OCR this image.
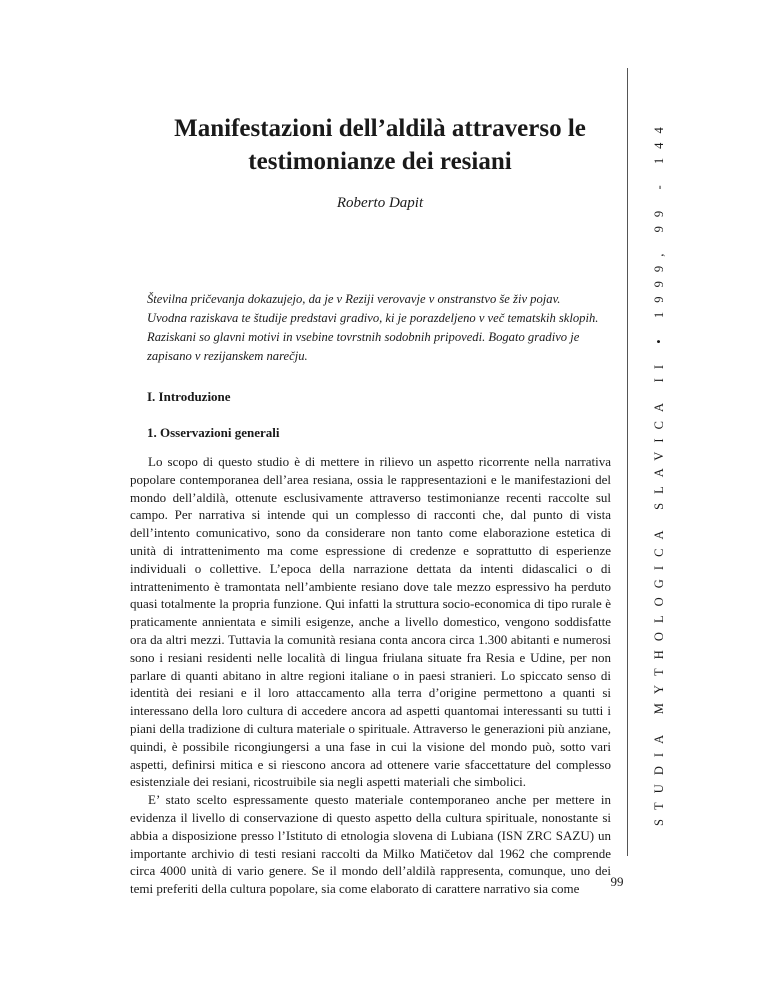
Manifestazioni dell’aldilà attraverso le
testimonianze dei resiani
Roberto Dapit

Številna pričevanja dokazujejo, da je v Reziji verovavje v onstranstvo še živ pojav. Uvodna raziskava te študije predstavi gradivo, ki je porazdeljeno v več tematskih sklopih. Raziskani so glavni motivi in vsebine tovrstnih sodobnih pripovedi. Bogato gradivo je zapisano v rezijanskem narečju.

I. Introduzione
1. Osservazioni generali

Lo scopo di questo studio è di mettere in rilievo un aspetto ricorrente nella narrativa popolare contemporanea dell’area resiana, ossia le rappresentazioni e le manifestazioni del mondo dell’aldilà, ottenute esclusivamente attraverso testimonianze recenti raccolte sul campo. Per narrativa si intende qui un complesso di racconti che, dal punto di vista dell’intento comunicativo, sono da considerare non tanto come elaborazione estetica di unità di intrattenimento ma come espressione di credenze e soprattutto di esperienze individuali o collettive. L’epoca della narrazione dettata da intenti didascalici o di intrattenimento è tramontata nell’ambiente resiano dove tale mezzo espressivo ha perduto quasi totalmente la propria funzione. Qui infatti la struttura socio-economica di tipo rurale è praticamente annientata e simili esigenze, anche a livello domestico, vengono soddisfatte ora da altri mezzi. Tuttavia la comunità resiana conta ancora circa 1.300 abitanti e numerosi sono i resiani residenti nelle località di lingua friulana situate fra Resia e Udine, per non parlare di quanti abitano in altre regioni italiane o in paesi stranieri. Lo spiccato senso di identità dei resiani e il loro attaccamento alla terra d’origine permettono a quanti si interessano della loro cultura di accedere ancora ad aspetti quantomai interessanti su tutti i piani della tradizione di cultura materiale o spirituale. Attraverso le generazioni più anziane, quindi, è possibile ricongiungersi a una fase in cui la visione del mondo può, sotto vari aspetti, definirsi mitica e si riescono ancora ad ottenere varie sfaccettature del complesso esistenziale dei resiani, ricostruibile sia negli aspetti materiali che simbolici.

E’ stato scelto espressamente questo materiale contemporaneo anche per mettere in evidenza il livello di conservazione di questo aspetto della cultura spirituale, nonostante si abbia a disposizione presso l’Istituto di etnologia slovena di Lubiana (ISN ZRC SAZU) un importante archivio di testi resiani raccolti da Milko Matičetov dal 1962 che comprende circa 4000 unità di vario genere. Se il mondo dell’aldilà rappresenta, comunque, uno dei temi preferiti della cultura popolare, sia come elaborato di carattere narrativo sia come

STUDIA MYTHOLOGICA SLAVICA II • 1999, 99 - 144
99
